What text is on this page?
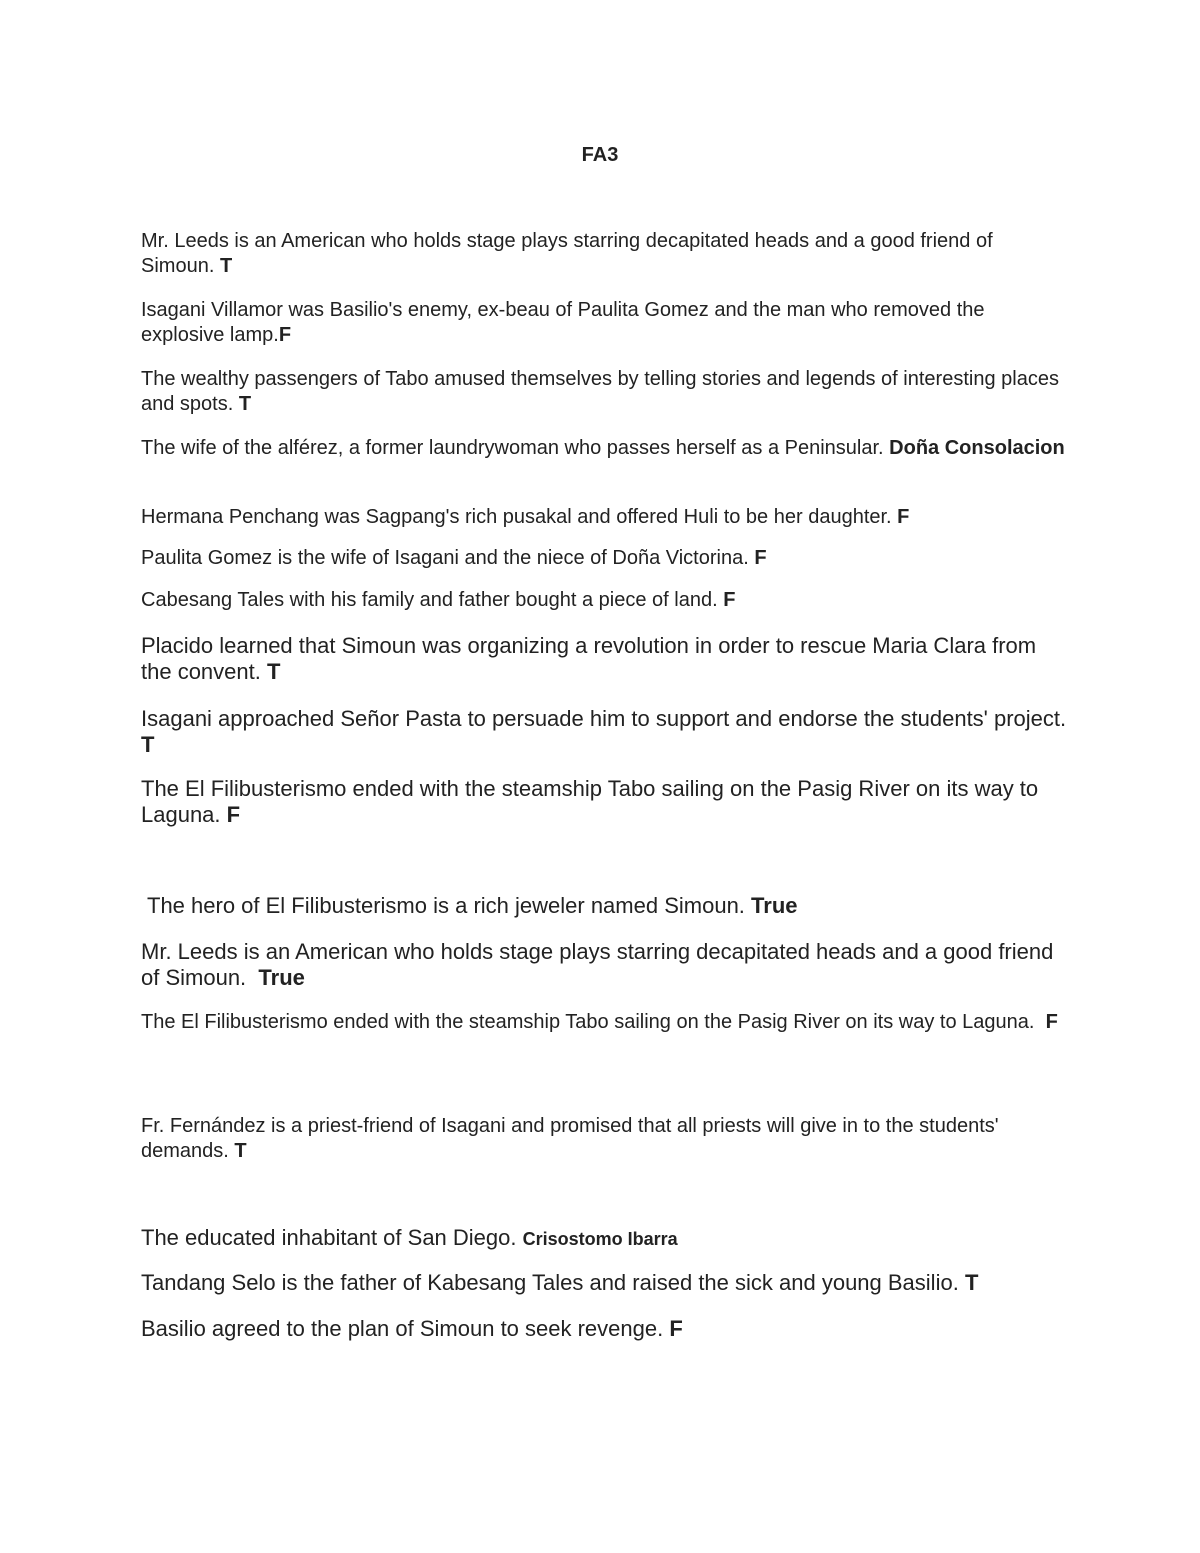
FA3

Mr. Leeds is an American who holds stage plays starring decapitated heads and a good friend of Simoun. T

Isagani Villamor was Basilio's enemy, ex-beau of Paulita Gomez and the man who removed the explosive lamp.F

The wealthy passengers of Tabo amused themselves by telling stories and legends of interesting places and spots. T

The wife of the alférez, a former laundrywoman who passes herself as a Peninsular. Doña Consolacion

Hermana Penchang was Sagpang's rich pusakal and offered Huli to be her daughter. F

Paulita Gomez is the wife of Isagani and the niece of Doña Victorina. F

Cabesang Tales with his family and father bought a piece of land. F

Placido learned that Simoun was organizing a revolution in order to rescue Maria Clara from the convent. T

Isagani approached Señor Pasta to persuade him to support and endorse the students' project. T

The El Filibusterismo ended with the steamship Tabo sailing on the Pasig River on its way to Laguna. F

The hero of El Filibusterismo is a rich jeweler named Simoun. True

Mr. Leeds is an American who holds stage plays starring decapitated heads and a good friend of Simoun. True

The El Filibusterismo ended with the steamship Tabo sailing on the Pasig River on its way to Laguna. F

Fr. Fernández is a priest-friend of Isagani and promised that all priests will give in to the students' demands. T

The educated inhabitant of San Diego. Crisostomo Ibarra

Tandang Selo is the father of Kabesang Tales and raised the sick and young Basilio. T

Basilio agreed to the plan of Simoun to seek revenge. F
